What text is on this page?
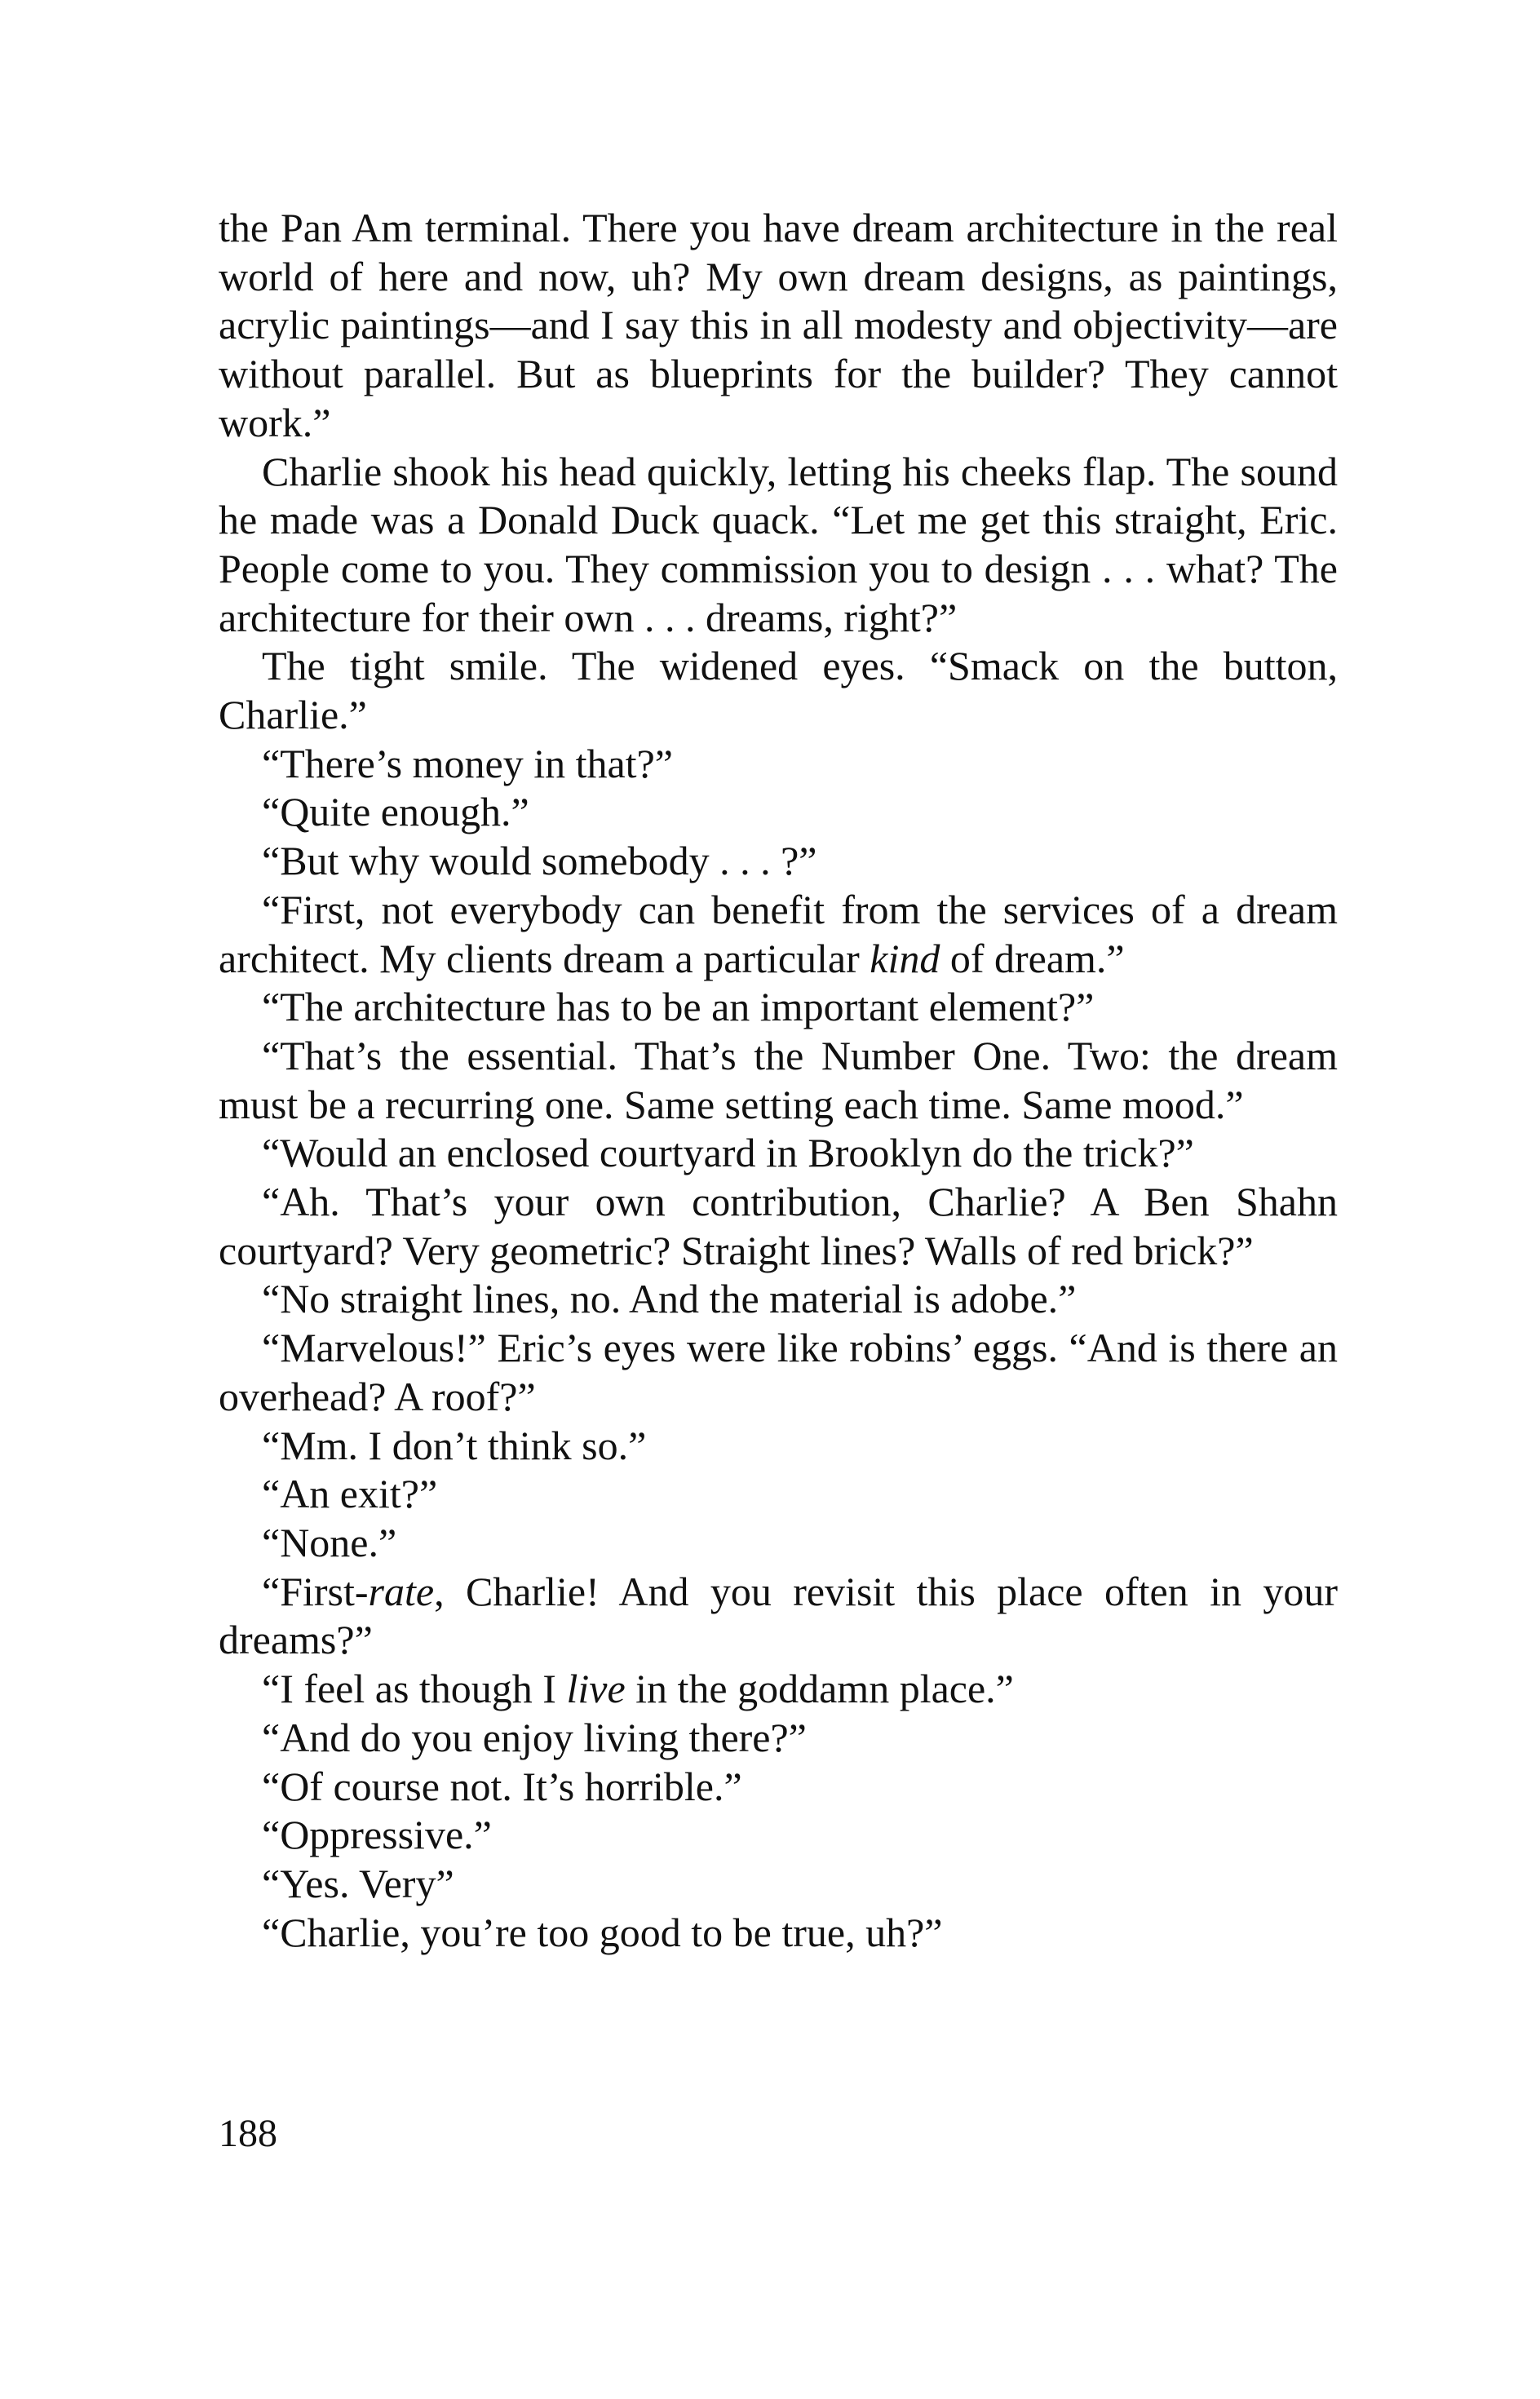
the Pan Am terminal. There you have dream architecture in the real world of here and now, uh? My own dream designs, as paintings, acrylic paintings—and I say this in all modesty and objectivity—are without parallel. But as blueprints for the builder? They cannot work.”

Charlie shook his head quickly, letting his cheeks flap. The sound he made was a Donald Duck quack. “Let me get this straight, Eric. People come to you. They commission you to design . . . what? The architecture for their own . . . dreams, right?”

The tight smile. The widened eyes. “Smack on the button, Charlie.”

“There’s money in that?”

“Quite enough.”

“But why would somebody . . . ?”

“First, not everybody can benefit from the services of a dream architect. My clients dream a particular kind of dream.”

“The architecture has to be an important element?”

“That’s the essential. That’s the Number One. Two: the dream must be a recurring one. Same setting each time. Same mood.”

“Would an enclosed courtyard in Brooklyn do the trick?”

“Ah. That’s your own contribution, Charlie? A Ben Shahn courtyard? Very geometric? Straight lines? Walls of red brick?”

“No straight lines, no. And the material is adobe.”

“Marvelous!” Eric’s eyes were like robins’ eggs. “And is there an overhead? A roof?”

“Mm. I don’t think so.”

“An exit?”

“None.”

“First-rate, Charlie! And you revisit this place often in your dreams?”

“I feel as though I live in the goddamn place.”

“And do you enjoy living there?”

“Of course not. It’s horrible.”

“Oppressive.”

“Yes. Very”

“Charlie, you’re too good to be true, uh?”

188
